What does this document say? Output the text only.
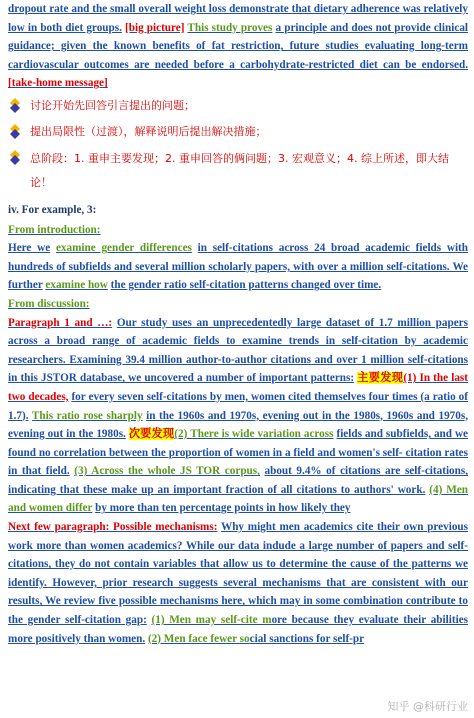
dropout rate and the small overall weight loss demonstrate that dietary adherence was relatively low in both diet groups. [big picture] This study proves a principle and does not provide clinical guidance; given the known benefits of fat restriction, future studies evaluating long-term cardiovascular outcomes are needed before a carbohydrate-restricted diet can be endorsed. [take-home message]

讨论开始先回答引言提出的问题；
提出局限性（过渡），解释说明后提出解决措施；
总阶段：1. 重申主要发现；2. 重申回答的俩问题；3. 宏观意义；4. 综上所述，即大结论！

iv. For example, 3:

From introduction:

Here we examine gender differences in self-citations across 24 broad academic fields with hundreds of subfields and several million scholarly papers, with over a million self-citations. We further examine how the gender ratio self-citation patterns changed over time.

From discussion:

Paragraph 1 and …: Our study uses an unprecedentedly large dataset of 1.7 million papers across a broad range of academic fields to examine trends in self-citation by academic researchers. Examining 39.4 million author-to-author citations and over 1 million self-citations in this JSTOR database, we uncovered a number of important patterns: 主要发现(1) In the last two decades, for every seven self-citations by men, women cited themselves four times (a ratio of 1.7). This ratio rose sharply in the 1960s and 1970s, evening out in the 1980s, 1960s and 1970s, evening out in the 1980s. 次要发现(2) There is wide variation across fields and subfields, and we found no correlation between the proportion of women in a field and women's self- citation rates in that field. (3) Across the whole JS TOR corpus, about 9.4% of citations are self-citations, indicating that these make up an important fraction of all citations to authors' work. (4) Men and women differ by more than ten percentage points in how likely they

Next few paragraph: Possible mechanisms: Why might men academics cite their own previous work more than women academics? While our data indude a large number of papers and self-citations, they do not contain variables that allow us to determine the cause of the patterns we identify. However, prior research suggests several mechanisms that are consistent with our results, We review five possible mechanisms here, which may in some combination contribute to the gender self-citation gap: (1) Men may self-cite more because they evaluate their abilities more positively than women. (2) Men face fewer social sanctions for self-pr

知乎 @科研行业
